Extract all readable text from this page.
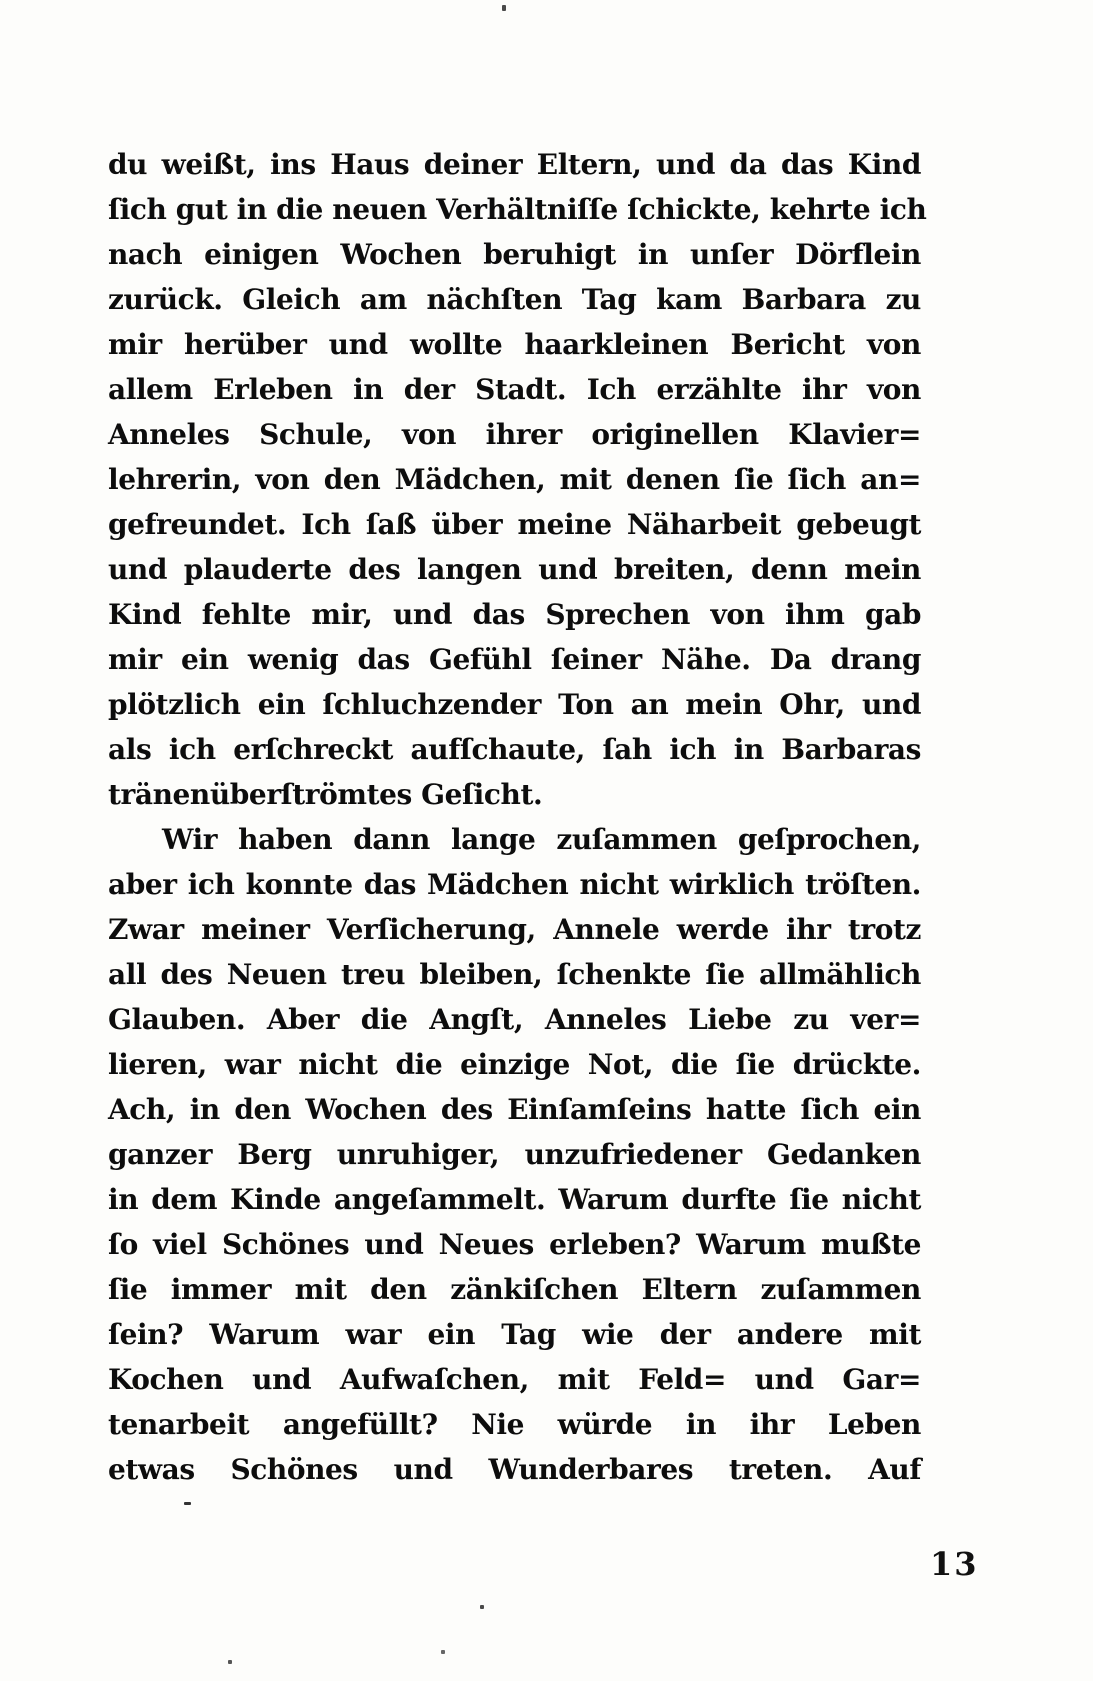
du weißt, ins Haus deiner Eltern, und da das Kind
ſich gut in die neuen Verhältniſſe ſchickte, kehrte ich
nach einigen Wochen beruhigt in unſer Dörflein
zurück. Gleich am nächſten Tag kam Barbara zu
mir herüber und wollte haarkleinen Bericht von
allem Erleben in der Stadt. Ich erzählte ihr von
Anneles Schule, von ihrer originellen Klavier=
lehrerin, von den Mädchen, mit denen ſie ſich an=
gefreundet. Ich ſaß über meine Näharbeit gebeugt
und plauderte des langen und breiten, denn mein
Kind fehlte mir, und das Sprechen von ihm gab
mir ein wenig das Gefühl ſeiner Nähe. Da drang
plötzlich ein ſchluchzender Ton an mein Ohr, und
als ich erſchreckt aufſchaute, ſah ich in Barbaras
tränenüberſtrömtes Geſicht.
Wir haben dann lange zuſammen geſprochen,
aber ich konnte das Mädchen nicht wirklich tröſten.
Zwar meiner Verſicherung, Annele werde ihr trotz
all des Neuen treu bleiben, ſchenkte ſie allmählich
Glauben. Aber die Angſt, Anneles Liebe zu ver=
lieren, war nicht die einzige Not, die ſie drückte.
Ach, in den Wochen des Einſamſeins hatte ſich ein
ganzer Berg unruhiger, unzufriedener Gedanken
in dem Kinde angeſammelt. Warum durfte ſie nicht
ſo viel Schönes und Neues erleben? Warum mußte
ſie immer mit den zänkiſchen Eltern zuſammen
ſein? Warum war ein Tag wie der andere mit
Kochen und Aufwaſchen, mit Feld= und Gar=
tenarbeit angefüllt? Nie würde in ihr Leben
etwas Schönes und Wunderbares treten. Auf
13
